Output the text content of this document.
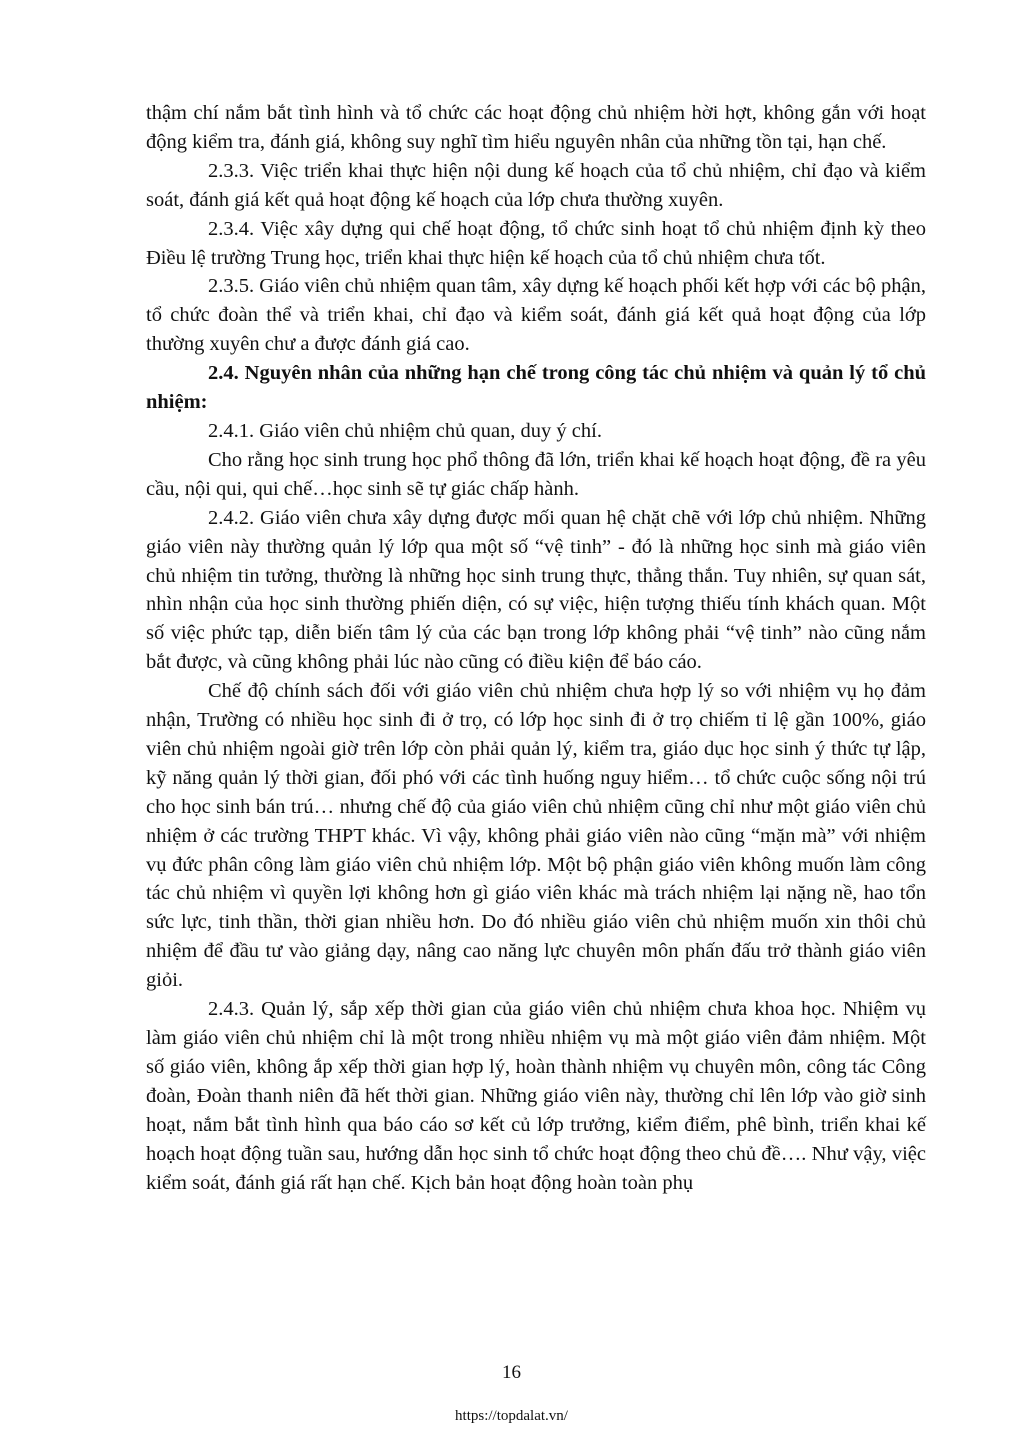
thậm chí nắm bắt tình hình và tổ chức các hoạt động chủ nhiệm hời hợt, không gắn với hoạt động kiểm tra, đánh giá, không suy nghĩ tìm hiểu nguyên nhân của những tồn tại, hạn chế.

2.3.3. Việc triển khai thực hiện nội dung kế hoạch của tổ chủ nhiệm, chỉ đạo và kiểm soát, đánh giá kết quả hoạt động kế hoạch của lớp chưa thường xuyên.

2.3.4. Việc xây dựng qui chế hoạt động, tổ chức sinh hoạt tổ chủ nhiệm định kỳ theo Điều lệ trường Trung học, triển khai thực hiện kế hoạch của tổ chủ nhiệm chưa tốt.

2.3.5. Giáo viên chủ nhiệm quan tâm, xây dựng kế hoạch phối kết hợp với các bộ phận, tổ chức đoàn thể và triển khai, chỉ đạo và kiểm soát, đánh giá kết quả hoạt động của lớp thường xuyên chư a được đánh giá cao.

2.4. Nguyên nhân của những hạn chế trong công tác chủ nhiệm và quản lý tổ chủ nhiệm:

2.4.1. Giáo viên chủ nhiệm chủ quan, duy ý chí.

Cho rằng học sinh trung học phổ thông đã lớn, triển khai kế hoạch hoạt động, đề ra yêu cầu, nội qui, qui chế…học sinh sẽ tự giác chấp hành.

2.4.2. Giáo viên chưa xây dựng được mối quan hệ chặt chẽ với lớp chủ nhiệm. Những giáo viên này thường quản lý lớp qua một số “vệ tinh” - đó là những học sinh mà giáo viên chủ nhiệm tin tưởng, thường là những học sinh trung thực, thẳng thắn. Tuy nhiên, sự quan sát, nhìn nhận của học sinh thường phiến diện, có sự việc, hiện tượng thiếu tính khách quan. Một số việc phức tạp, diễn biến tâm lý của các bạn trong lớp không phải “vệ tinh” nào cũng nắm bắt được, và cũng không phải lúc nào cũng có điều kiện để báo cáo.

Chế độ chính sách đối với giáo viên chủ nhiệm chưa hợp lý so với nhiệm vụ họ đảm nhận, Trường có nhiều học sinh đi ở trọ, có lớp học sinh đi ở trọ chiếm tỉ lệ gần 100%, giáo viên chủ nhiệm ngoài giờ trên lớp còn phải quản lý, kiểm tra, giáo dục học sinh ý thức tự lập, kỹ năng quản lý thời gian, đối phó với các tình huống nguy hiểm… tổ chức cuộc sống nội trú cho học sinh bán trú… nhưng chế độ của giáo viên chủ nhiệm cũng chỉ như một giáo viên chủ nhiệm ở các trường THPT khác. Vì vậy, không phải giáo viên nào cũng “mặn mà” với nhiệm vụ đức phân công làm giáo viên chủ nhiệm lớp. Một bộ phận giáo viên không muốn làm công tác chủ nhiệm vì quyền lợi không hơn gì giáo viên khác mà trách nhiệm lại nặng nề, hao tổn sức lực, tinh thần, thời gian nhiều hơn. Do đó nhiều giáo viên chủ nhiệm muốn xin thôi chủ nhiệm để đầu tư vào giảng dạy, nâng cao năng lực chuyên môn phấn đấu trở thành giáo viên giỏi.

2.4.3. Quản lý, sắp xếp thời gian của giáo viên chủ nhiệm chưa khoa học. Nhiệm vụ làm giáo viên chủ nhiệm chỉ là một trong nhiều nhiệm vụ mà một giáo viên đảm nhiệm. Một số giáo viên, không ắp xếp thời gian hợp lý, hoàn thành nhiệm vụ chuyên môn, công tác Công đoàn, Đoàn thanh niên đã hết thời gian. Những giáo viên này, thường chỉ lên lớp vào giờ sinh hoạt, nắm bắt tình hình qua báo cáo sơ kết củ lớp trưởng, kiểm điểm, phê bình, triển khai kế hoạch hoạt động tuần sau, hướng dẫn học sinh tổ chức hoạt động theo chủ đề…. Như vậy, việc kiểm soát, đánh giá rất hạn chế. Kịch bản hoạt động hoàn toàn phụ

16
https://topdalat.vn/
